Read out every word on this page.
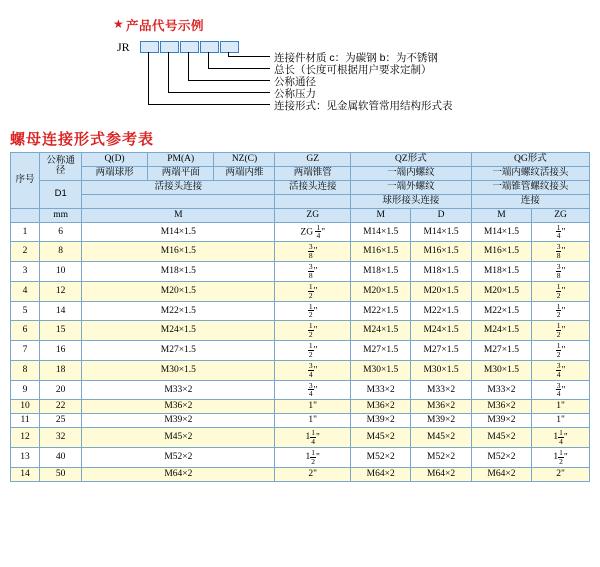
★ 产品代号示例
JR
连接件材质 c：为碳钢 b：为不锈钢
总长（长度可根据用户要求定制）
公称通径
公称压力
连接形式：见金属软管常用结构形式表
螺母连接形式参考表
序号	公称通径	Q(D)	PM(A)	NZ(C)	GZ	QZ形式		QG形式	
		两端球形	两端平面	两端内维	两端锥管	一端内螺纹		一端内螺纹活接头	
	D1	活接头连接			活接头连接	一端外螺纹		一端锥管螺纹接头	
						球形接头连接		连接	
	mm	M			ZG	M	D	M	ZG
1	6	M14×1.5			ZG $\frac{1}{4}$ "	M14×1.5	M14×1.5	M14×1.5	$\frac{1}{4}$ "
2	8	M16×1.5			$\frac{3}{8}$ "	M16×1.5	M16×1.5	M16×1.5	$\frac{3}{8}$ "
3	10	M18×1.5			$\frac{3}{8}$ "	M18×1.5	M18×1.5	M18×1.5	$\frac{3}{8}$ "
4	12	M20×1.5			$\frac{1}{2}$ "	M20×1.5	M20×1.5	M20×1.5	$\frac{1}{2}$ "
5	14	M22×1.5			$\frac{1}{2}$ "	M22×1.5	M22×1.5	M22×1.5	$\frac{1}{2}$ "
6	15	M24×1.5			$\frac{1}{2}$ "	M24×1.5	M24×1.5	M24×1.5	$\frac{1}{2}$ "
7	16	M27×1.5			$\frac{1}{2}$ "	M27×1.5	M27×1.5	M27×1.5	$\frac{1}{2}$ "
8	18	M30×1.5			$\frac{3}{4}$ "	M30×1.5	M30×1.5	M30×1.5	$\frac{3}{4}$ "
9	20	M33×2			$\frac{3}{4}$ "	M33×2	M33×2	M33×2	$\frac{3}{4}$ "
10	22	M36×2			1"	M36×2	M36×2	M36×2	1"
11	25	M39×2			1"	M39×2	M39×2	M39×2	1"
12	32	M45×2			$1 \frac{1}{4}$ "	M45×2	M45×2	M45×2	$1 \frac{1}{4}$ "
13	40	M52×2			$1 \frac{1}{2}$ "	M52×2	M52×2	M52×2	$1 \frac{1}{2}$ "
14	50	M64×2			2"	M64×2	M64×2	M64×2	2"
